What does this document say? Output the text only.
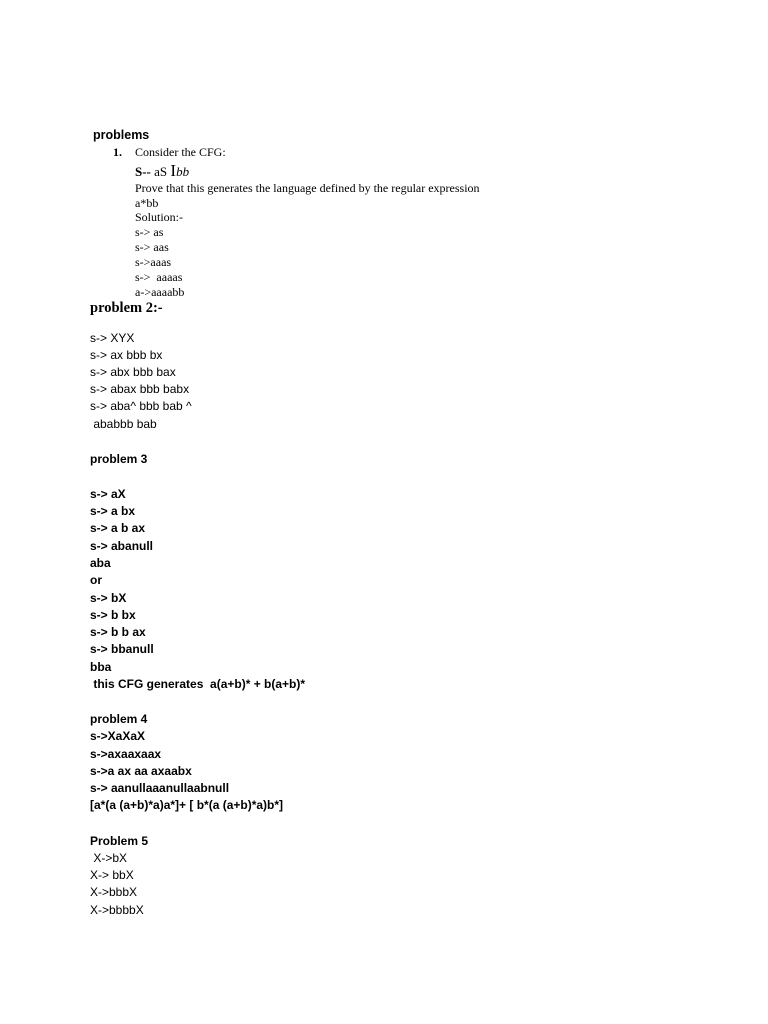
problems
1. Consider the CFG:
S-- aS Ibb
Prove that this generates the language defined by the regular expression
a*bb
Solution:-
s-> as
s-> aas
s->aaas
s->  aaaas
a->aaaabb
problem 2:-
s-> XYX
s-> ax bbb bx
s-> abx bbb bax
s-> abax bbb babx
s-> aba^ bbb bab ^
ababbb bab
problem 3
s-> aX
s-> a bx
s-> a b ax
s-> abanull
aba
or
s-> bX
s-> b bx
s-> b b ax
s-> bbanull
bba
this CFG generates  a(a+b)* + b(a+b)*
problem 4
s->XaXaX
s->axaaxaax
s->a ax aa axaabx
s-> aanullaaanullaabnull
[a*(a (a+b)*a)a*]+ [ b*(a (a+b)*a)b*]
Problem 5
X->bX
X-> bbX
X->bbbX
X->bbbbX
